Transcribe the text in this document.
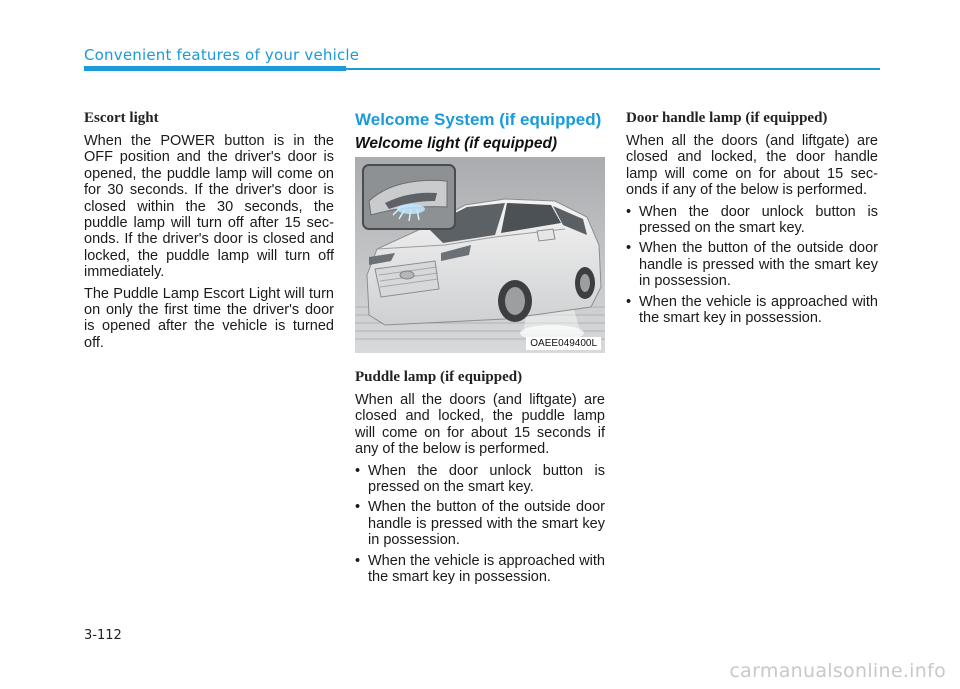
Convenient features of your vehicle
Escort light

When the POWER button is in the OFF position and the driver's door is opened, the puddle lamp will come on for 30 seconds. If the driver's door is closed within the 30 seconds, the puddle lamp will turn off after 15 sec-onds. If the driver's door is closed and locked, the puddle lamp will turn off immediately.

The Puddle Lamp Escort Light will turn on only the first time the driver's door is opened after the vehicle is turned off.

Welcome System (if equipped)
Welcome light (if equipped)
OAEE049400L
Puddle lamp (if equipped)

When all the doors (and liftgate) are closed and locked, the puddle lamp will come on for about 15 seconds if any of the below is performed.

• When the door unlock button is pressed on the smart key.
• When the button of the outside door handle is pressed with the smart key in possession.
• When the vehicle is approached with the smart key in possession.
Door handle lamp (if equipped)

When all the doors (and liftgate) are closed and locked, the door handle lamp will come on for about 15 sec-onds if any of the below is performed.

• When the door unlock button is pressed on the smart key.
• When the button of the outside door handle is pressed with the smart key in possession.
• When the vehicle is approached with the smart key in possession.
3-112
carmanualsonline.info
